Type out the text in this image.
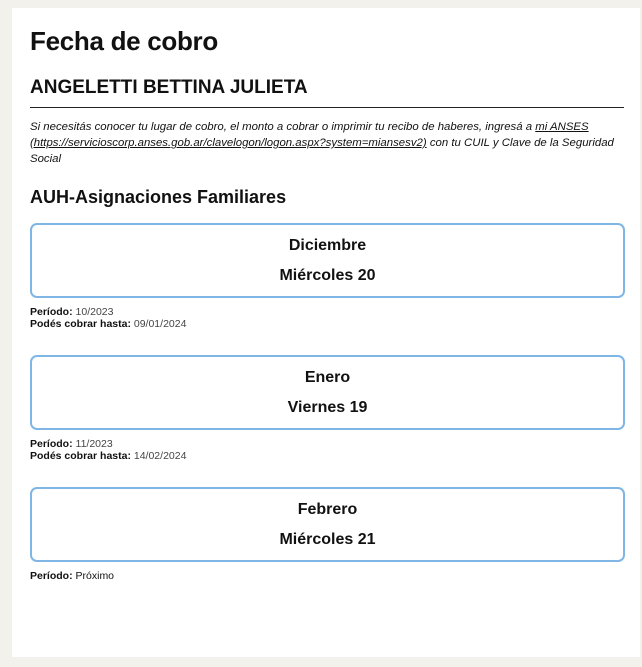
Fecha de cobro
ANGELETTI BETTINA JULIETA

Si necesitás conocer tu lugar de cobro, el monto a cobrar o imprimir tu recibo de haberes, ingresá a mi ANSES (https://servicioscorp.anses.gob.ar/clavelogon/logon.aspx?system=miansesv2) con tu CUIL y Clave de la Seguridad Social

AUH-Asignaciones Familiares
Diciembre
Miércoles 20
Período: 10/2023
Podés cobrar hasta: 09/01/2024
Enero
Viernes 19
Período: 11/2023
Podés cobrar hasta: 14/02/2024
Febrero
Miércoles 21
Período: Próximo
